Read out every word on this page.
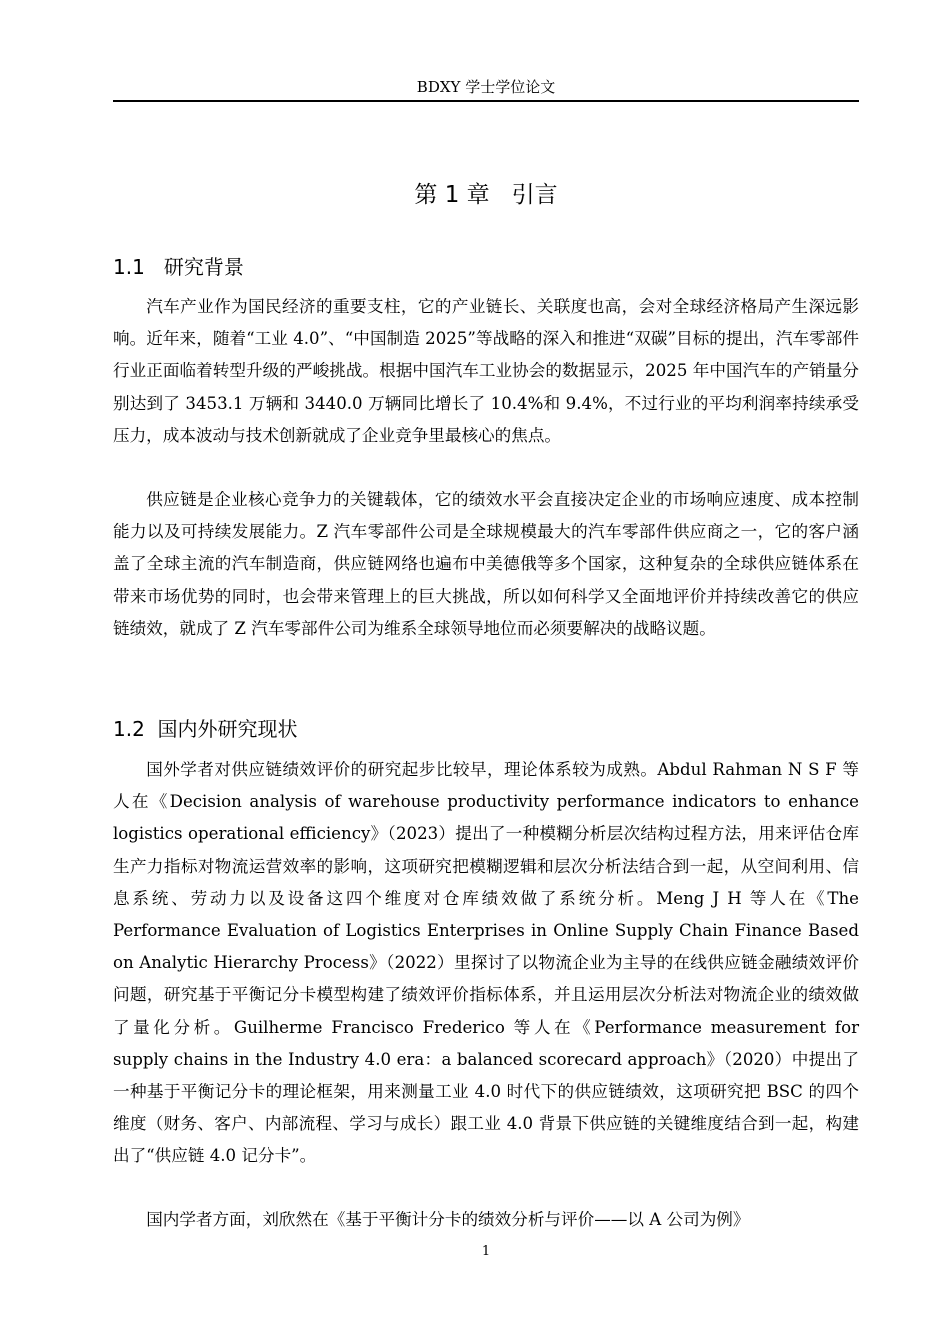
BDXY 学士学位论文
第 1 章   引言
1.1   研究背景

汽车产业作为国民经济的重要支柱，它的产业链长、关联度也高，会对全球经济格局产生深远影响。近年来，随着“工业 4.0”、“中国制造 2025”等战略的深入和推进“双碳”目标的提出，汽车零部件行业正面临着转型升级的严峻挑战。根据中国汽车工业协会的数据显示，2025 年中国汽车的产销量分别达到了 3453.1 万辆和 3440.0 万辆同比增长了 10.4%和 9.4%，不过行业的平均利润率持续承受压力，成本波动与技术创新就成了企业竞争里最核心的焦点。

供应链是企业核心竞争力的关键载体，它的绩效水平会直接决定企业的市场响应速度、成本控制能力以及可持续发展能力。Z 汽车零部件公司是全球规模最大的汽车零部件供应商之一，它的客户涵盖了全球主流的汽车制造商，供应链网络也遍布中美德俄等多个国家，这种复杂的全球供应链体系在带来市场优势的同时，也会带来管理上的巨大挑战，所以如何科学又全面地评价并持续改善它的供应链绩效，就成了 Z 汽车零部件公司为维系全球领导地位而必须要解决的战略议题。

1.2  国内外研究现状

国外学者对供应链绩效评价的研究起步比较早，理论体系较为成熟。Abdul Rahman N S F 等人在《Decision analysis of warehouse productivity performance indicators to enhance logistics operational efficiency》（2023）提出了一种模糊分析层次结构过程方法，用来评估仓库生产力指标对物流运营效率的影响，这项研究把模糊逻辑和层次分析法结合到一起，从空间利用、信息系统、劳动力以及设备这四个维度对仓库绩效做了系统分析。Meng J H 等人在《The Performance Evaluation of Logistics Enterprises in Online Supply Chain Finance Based on Analytic Hierarchy Process》（2022）里探讨了以物流企业为主导的在线供应链金融绩效评价问题，研究基于平衡记分卡模型构建了绩效评价指标体系，并且运用层次分析法对物流企业的绩效做了量化分析。Guilherme Francisco Frederico 等人在《Performance measurement for supply chains in the Industry 4.0 era：a balanced scorecard approach》（2020）中提出了一种基于平衡记分卡的理论框架，用来测量工业 4.0 时代下的供应链绩效，这项研究把 BSC 的四个维度（财务、客户、内部流程、学习与成长）跟工业 4.0 背景下供应链的关键维度结合到一起，构建出了“供应链 4.0 记分卡”。

国内学者方面，刘欣然在《基于平衡计分卡的绩效分析与评价——以 A 公司为例》

1
